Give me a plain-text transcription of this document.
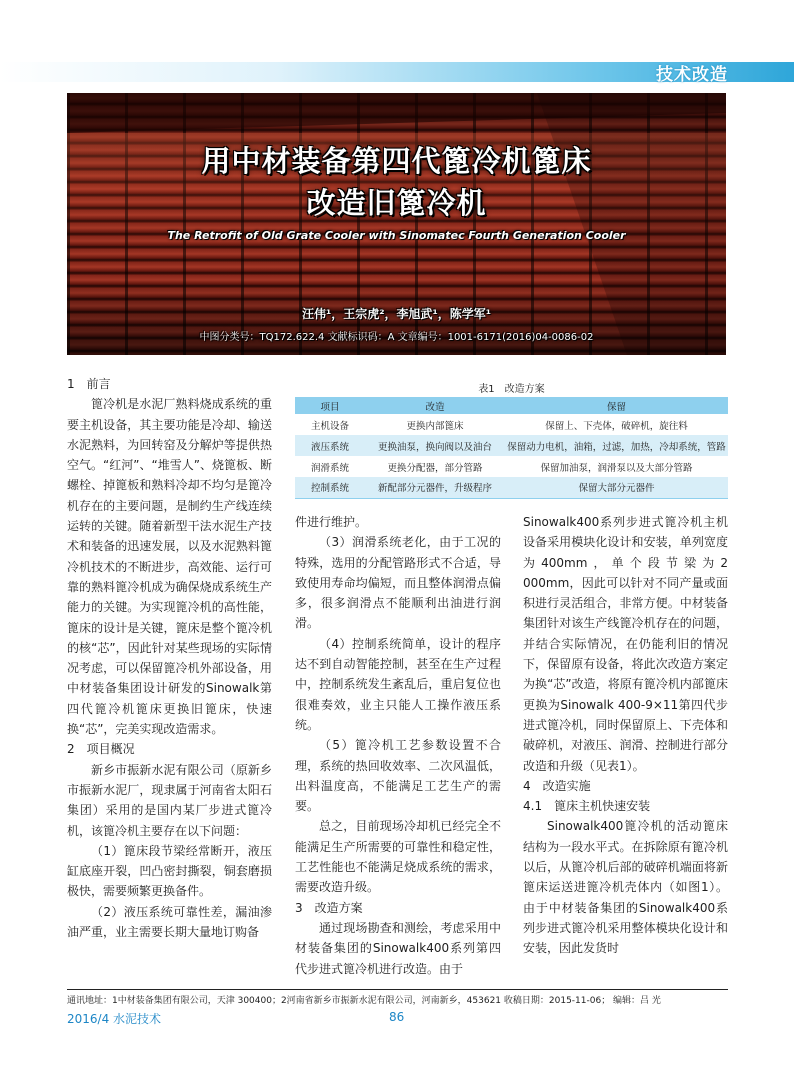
技术改造
用中材装备第四代篦冷机篦床
改造旧篦冷机
The Retrofit of Old Grate Cooler with Sinomatec Fourth Generation Cooler
汪伟¹，王宗虎²，李旭武¹，陈学军¹
中图分类号：TQ172.622.4 文献标识码：A 文章编号：1001-6171(2016)04-0086-02

1　前言

篦冷机是水泥厂熟料烧成系统的重要主机设备，其主要功能是冷却、输送水泥熟料，为回转窑及分解炉等提供热空气。“红河”、“堆雪人”、烧篦板、断螺栓、掉篦板和熟料冷却不均匀是篦冷机存在的主要问题，是制约生产线连续运转的关键。随着新型干法水泥生产技术和装备的迅速发展，以及水泥熟料篦冷机技术的不断进步，高效能、运行可靠的熟料篦冷机成为确保烧成系统生产能力的关键。为实现篦冷机的高性能，篦床的设计是关键，篦床是整个篦冷机的核“芯”，因此针对某些现场的实际情况考虑，可以保留篦冷机外部设备，用中材装备集团设计研发的Sinowalk第四代篦冷机篦床更换旧篦床，快速换“芯”，完美实现改造需求。

2　项目概况

新乡市振新水泥有限公司（原新乡市振新水泥厂，现隶属于河南省太阳石集团）采用的是国内某厂步进式篦冷机，该篦冷机主要存在以下问题：

（1）篦床段节梁经常断开，液压缸底座开裂，凹凸密封撕裂，铜套磨损极快，需要频繁更换备件。

（2）液压系统可靠性差，漏油渗油严重，业主需要长期大量地订购备

表1　改造方案
项目	改造	保留
主机设备	更换内部篦床	保留上、下壳体，破碎机，旋往料
液压系统	更换油泵，换向阀以及油台	保留动力电机，油箱，过滤，加热，冷却系统，管路
润滑系统	更换分配器，部分管路	保留加油泵，润滑泵以及大部分管路
控制系统	新配部分元器件，升级程序	保留大部分元器件

件进行维护。

（3）润滑系统老化，由于工况的特殊，选用的分配管路形式不合适，导致使用寿命均偏短，而且整体润滑点偏多，很多润滑点不能顺利出油进行润滑。

（4）控制系统简单，设计的程序达不到自动智能控制，甚至在生产过程中，控制系统发生紊乱后，重启复位也很难奏效，业主只能人工操作液压系统。

（5）篦冷机工艺参数设置不合理，系统的热回收效率、二次风温低，出料温度高，不能满足工艺生产的需要。

总之，目前现场冷却机已经完全不能满足生产所需要的可靠性和稳定性，工艺性能也不能满足烧成系统的需求，需要改造升级。

3　改造方案

通过现场勘查和测绘，考虑采用中材装备集团的Sinowalk400系列第四代步进式篦冷机进行改造。由于

Sinowalk400系列步进式篦冷机主机设备采用模块化设计和安装，单列宽度为400mm，单个段节梁为2 000mm，因此可以针对不同产量或面积进行灵活组合，非常方便。中材装备集团针对该生产线篦冷机存在的问题，并结合实际情况，在仍能利旧的情况下，保留原有设备，将此次改造方案定为换“芯”改造，将原有篦冷机内部篦床更换为Sinowalk 400-9×11第四代步进式篦冷机，同时保留原上、下壳体和破碎机，对液压、润滑、控制进行部分改造和升级（见表1）。

4　改造实施

4.1　篦床主机快速安装

Sinowalk400篦冷机的活动篦床结构为一段水平式。在拆除原有篦冷机以后，从篦冷机后部的破碎机端面将新篦床运送进篦冷机壳体内（如图1）。由于中材装备集团的Sinowalk400系列步进式篦冷机采用整体模块化设计和安装，因此发货时

通讯地址：1中材装备集团有限公司，天津 300400；2河南省新乡市振新水泥有限公司，河南新乡，453621 收稿日期：2015-11-06； 编辑：吕 光
2016/4 水泥技术	86
